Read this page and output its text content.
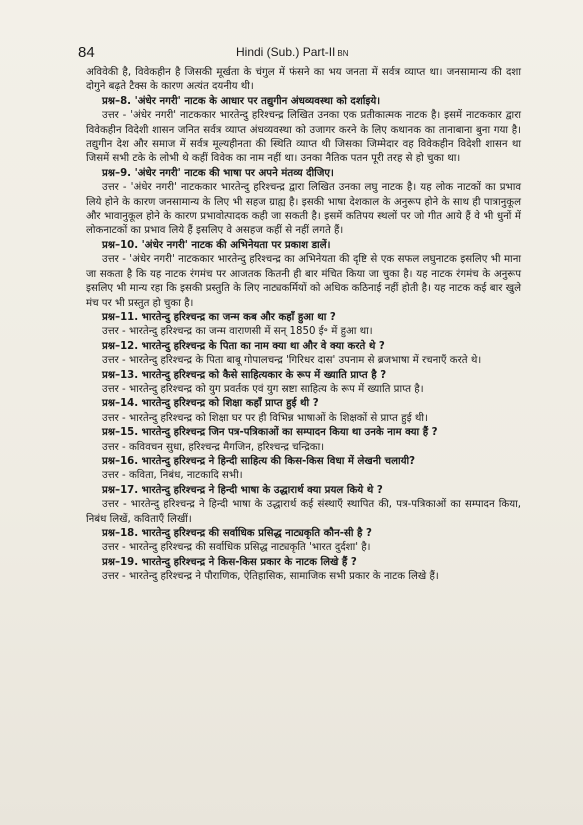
84	Hindi (Sub.) Part-II BN

अविवेकी है, विवेकहीन है जिसकी मूर्खता के चंगुल में फंसने का भय जनता में सर्वत्र व्याप्त था। जनसामान्य की दशा दोगुने बढ़ते टैक्स के कारण अत्यंत दयनीय थी।

प्रश्न–8. 'अंधेर नगरी' नाटक के आधार पर तद्युगीन अंधव्यवस्था को दर्शाइये।

उत्तर - 'अंधेर नगरी' नाटककार भारतेन्दु हरिश्चन्द्र लिखित उनका एक प्रतीकात्मक नाटक है। इसमें नाटककार द्वारा विवेकहीन विदेशी शासन जनित सर्वत्र व्याप्त अंधव्यवस्था को उजागर करने के लिए कथानक का तानाबाना बुना गया है। तद्युगीन देश और समाज में सर्वत्र मूल्यहीनता की स्थिति व्याप्त थी जिसका जिम्मेदार वह विवेकहीन विदेशी शासन था जिसमें सभी टके के लोभी थे कहीं विवेक का नाम नहीं था। उनका नैतिक पतन पूरी तरह से हो चुका था।

प्रश्न–9. 'अंधेर नगरी' नाटक की भाषा पर अपने मंतव्य दीजिए।

उत्तर - 'अंधेर नगरी' नाटककार भारतेन्दु हरिश्चन्द्र द्वारा लिखित उनका लघु नाटक है। यह लोक नाटकों का प्रभाव लिये होने के कारण जनसामान्य के लिए भी सहज ग्राह्य है। इसकी भाषा देशकाल के अनुरूप होने के साथ ही पात्रानुकूल और भावानुकूल होने के कारण प्रभावोत्पादक कही जा सकती है। इसमें कतिपय स्थलों पर जो गीत आये हैं वे भी धुनों में लोकनाटकों का प्रभाव लिये हैं इसलिए वे असहज कहीं से नहीं लगते हैं।

प्रश्न–10. 'अंधेर नगरी' नाटक की अभिनेयता पर प्रकाश डालें।

उत्तर - 'अंधेर नगरी' नाटककार भारतेन्दु हरिश्चन्द्र का अभिनेयता की दृष्टि से एक सफल लघुनाटक इसलिए भी माना जा सकता है कि यह नाटक रंगमंच पर आजतक कितनी ही बार मंचित किया जा चुका है। यह नाटक रंगमंच के अनुरूप इसलिए भी मान्य रहा कि इसकी प्रस्तुति के लिए नाट्यकर्मियों को अधिक कठिनाई नहीं होती है। यह नाटक कई बार खुले मंच पर भी प्रस्तुत हो चुका है।

प्रश्न–11. भारतेन्दु हरिश्चन्द्र का जन्म कब और कहाँ हुआ था ?

उत्तर - भारतेन्दु हरिश्चन्द्र का जन्म वाराणसी में सन् 1850 ई॰ में हुआ था।

प्रश्न–12. भारतेन्दु हरिश्चन्द्र के पिता का नाम क्या था और वे क्या करते थे ?

उत्तर - भारतेन्दु हरिश्चन्द्र के पिता बाबू गोपालचन्द्र 'गिरिधर दास' उपनाम से ब्रजभाषा में रचनाएँ करते थे।

प्रश्न–13. भारतेन्दु हरिश्चन्द्र को कैसे साहित्यकार के रूप में ख्याति प्राप्त है ?

उत्तर - भारतेन्दु हरिश्चन्द्र को युग प्रवर्तक एवं युग स्रष्टा साहित्य के रूप में ख्याति प्राप्त है।

प्रश्न–14. भारतेन्दु हरिश्चन्द्र को शिक्षा कहाँ प्राप्त हुई थी ?

उत्तर - भारतेन्दु हरिश्चन्द्र को शिक्षा घर पर ही विभिन्न भाषाओं के शिक्षकों से प्राप्त हुई थी।

प्रश्न–15. भारतेन्दु हरिश्चन्द्र जिन पत्र-पत्रिकाओं का सम्पादन किया था उनके नाम क्या हैं ?

उत्तर - कविवचन सुधा, हरिश्चन्द्र मैगजिन, हरिश्चन्द्र चन्द्रिका।

प्रश्न–16. भारतेन्दु हरिश्चन्द्र ने हिन्दी साहित्य की किस-किस विधा में लेखनी चलायी?

उत्तर - कविता, निबंध, नाटकादि सभी।

प्रश्न–17. भारतेन्दु हरिश्चन्द्र ने हिन्दी भाषा के उद्धारार्थ क्या प्रयल किये थे ?

उत्तर - भारतेन्दु हरिश्चन्द्र ने हिन्दी भाषा के उद्धारार्थ कई संस्थाएँ स्थापित की, पत्र-पत्रिकाओं का सम्पादन किया, निबंध लिखें, कविताएँ लिखीं।

प्रश्न–18. भारतेन्दु हरिश्चन्द्र की सर्वाधिक प्रसिद्ध नाट्यकृति कौन-सी है ?

उत्तर - भारतेन्दु हरिश्चन्द्र की सर्वाधिक प्रसिद्ध नाट्यकृति 'भारत दुर्दशा' है।

प्रश्न–19. भारतेन्दु हरिश्चन्द्र ने किस-किस प्रकार के नाटक लिखे हैं ?

उत्तर - भारतेन्दु हरिश्चन्द्र ने पौराणिक, ऐतिहासिक, सामाजिक सभी प्रकार के नाटक लिखे हैं।
